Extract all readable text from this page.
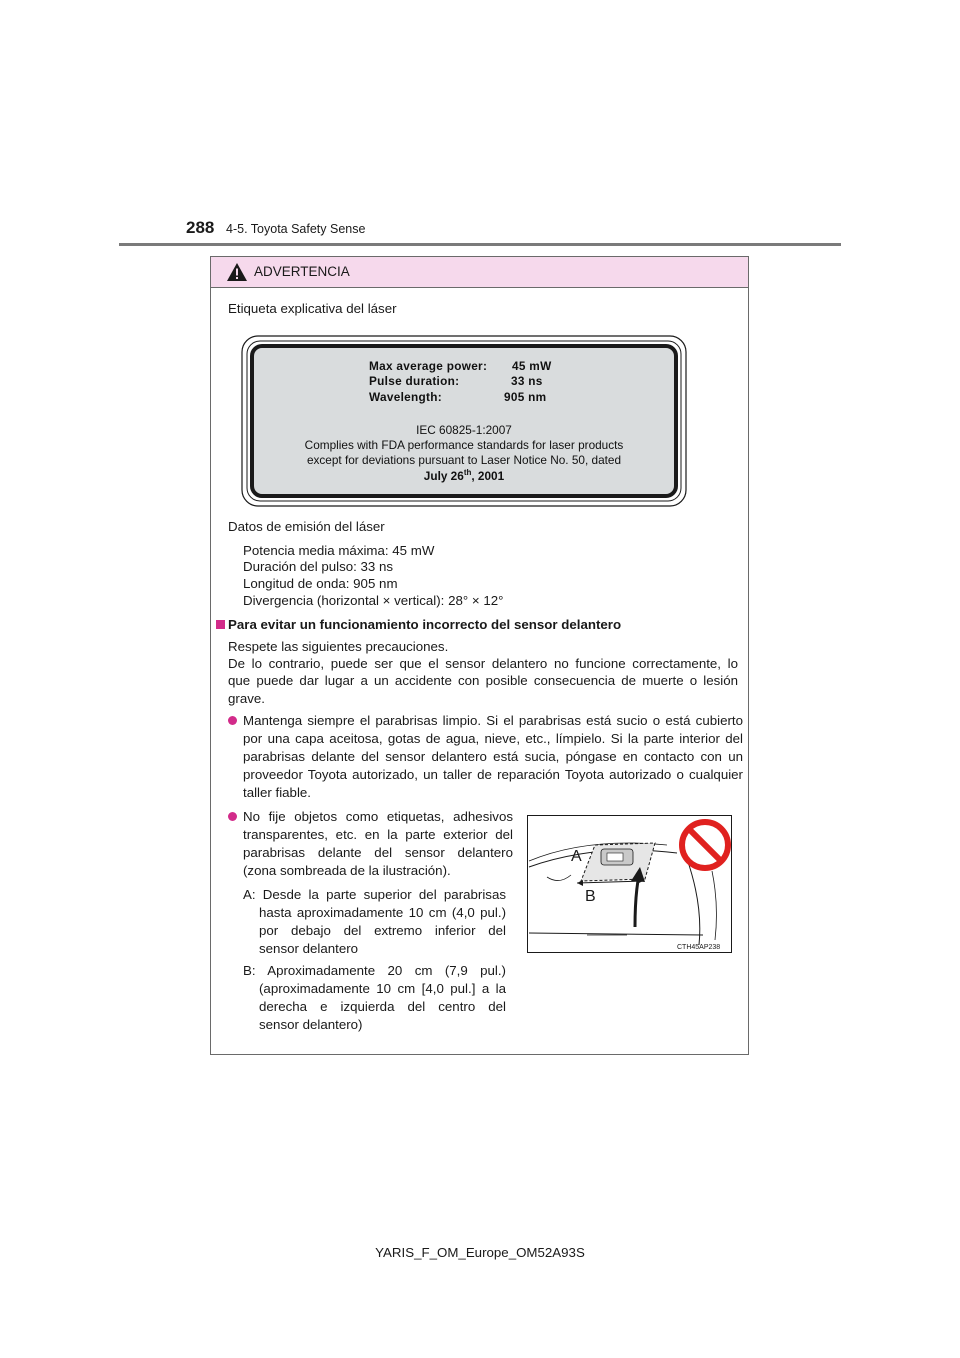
288 4-5. Toyota Safety Sense
ADVERTENCIA
Etiqueta explicativa del láser
Max average power: 45 mW
Pulse duration:	33 ns
Wavelength:	905 nm
IEC 60825-1:2007
Complies with FDA performance standards for laser products
except for deviations pursuant to Laser Notice No. 50, dated
July 26th, 2001
Datos de emisión del láser
Potencia media máxima: 45 mW
Duración del pulso: 33 ns
Longitud de onda: 905 nm
Divergencia (horizontal × vertical): 28° × 12°
Para evitar un funcionamiento incorrecto del sensor delantero
Respete las siguientes precauciones.
De lo contrario, puede ser que el sensor delantero no funcione correctamente, lo
que puede dar lugar a un accidente con posible consecuencia de muerte o lesión
grave.
Mantenga siempre el parabrisas limpio. Si el parabrisas está sucio o está cubierto
por una capa aceitosa, gotas de agua, nieve, etc., límpielo. Si la parte interior del
parabrisas delante del sensor delantero está sucia, póngase en contacto con un
proveedor Toyota autorizado, un taller de reparación Toyota autorizado o cualquier
taller fiable.
No fije objetos como etiquetas, adhesivos
transparentes, etc. en la parte exterior del
parabrisas delante del sensor delantero
(zona sombreada de la ilustración).
A: Desde la parte superior del parabrisas
hasta aproximadamente 10 cm (4,0 pul.)
por debajo del extremo inferior del
sensor delantero
B: Aproximadamente 20 cm (7,9 pul.)
(aproximadamente 10 cm [4,0 pul.] a la
derecha e izquierda del centro del
sensor delantero)
A
B
CTH45AP238
YARIS_F_OM_Europe_OM52A93S
